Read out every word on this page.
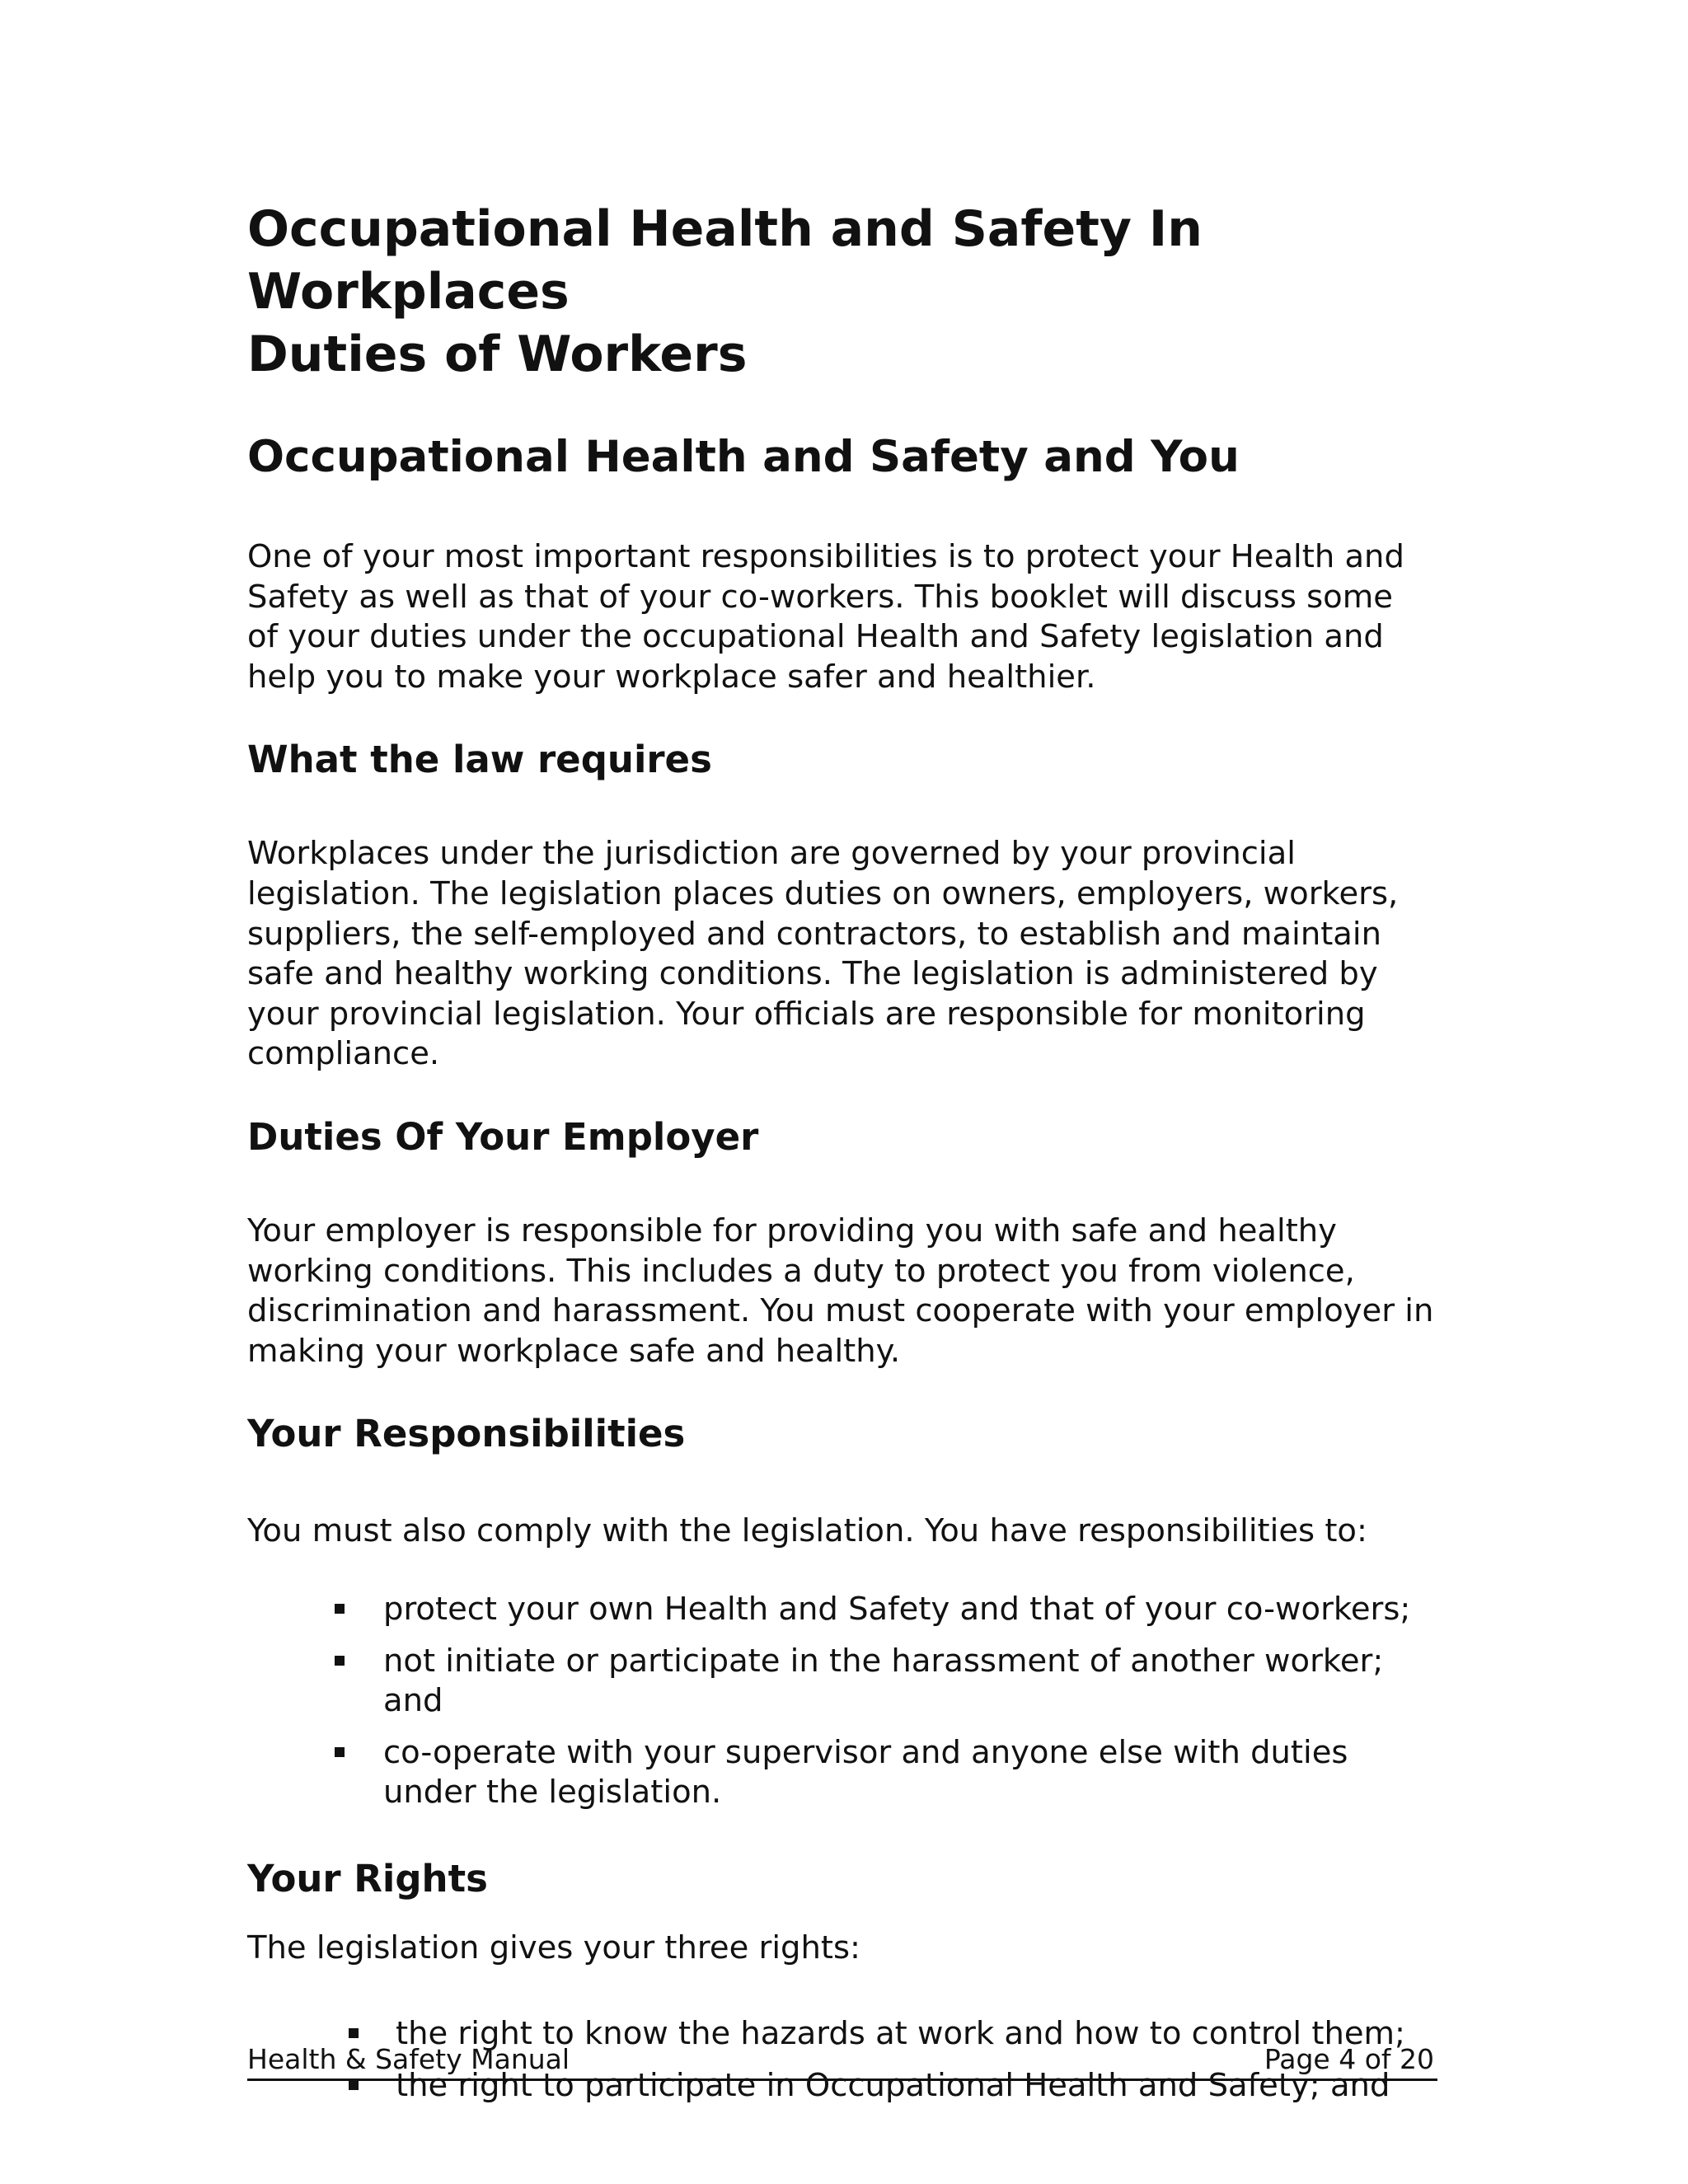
Occupational Health and Safety In Workplaces
Duties of Workers
Occupational Health and Safety and You

One of your most important responsibilities is to protect your Health and Safety as well as that of your co-workers. This booklet will discuss some of your duties under the occupational Health and Safety legislation and help you to make your workplace safer and healthier.

What the law requires

Workplaces under the jurisdiction are governed by your provincial legislation. The legislation places duties on owners, employers, workers, suppliers, the self-employed and contractors, to establish and maintain safe and healthy working conditions. The legislation is administered by your provincial legislation. Your officials are responsible for monitoring compliance.

Duties Of Your Employer

Your employer is responsible for providing you with safe and healthy working conditions. This includes a duty to protect you from violence, discrimination and harassment. You must cooperate with your employer in making your workplace safe and healthy.

Your Responsibilities

You must also comply with the legislation. You have responsibilities to:

protect your own Health and Safety and that of your co-workers;
not initiate or participate in the harassment of another worker; and
co-operate with your supervisor and anyone else with duties under the legislation.
Your Rights

The legislation gives your three rights:

the right to know the hazards at work and how to control them;
the right to participate in Occupational Health and Safety; and
Health & Safety Manual	Page 4 of 20
